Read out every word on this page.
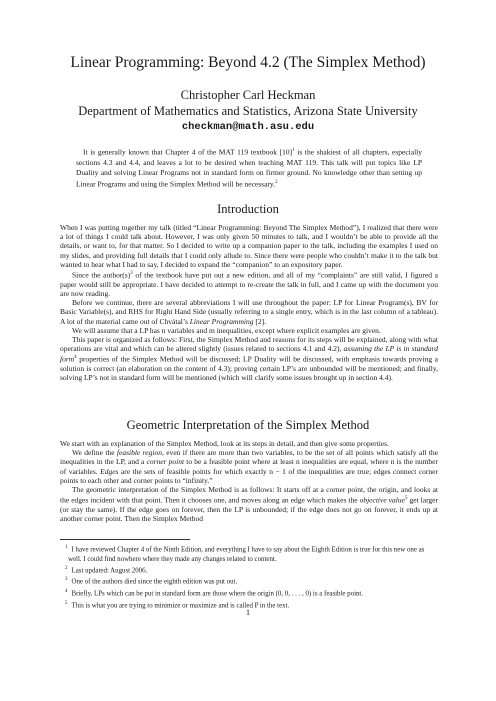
Linear Programming: Beyond 4.2 (The Simplex Method)
Christopher Carl Heckman
Department of Mathematics and Statistics, Arizona State University
checkman@math.asu.edu

It is generally known that Chapter 4 of the MAT 119 textbook $[10]^1$ is the shakiest of all chapters, especially sections 4.3 and 4.4, and leaves a lot to be desired when teaching MAT 119. This talk will put topics like LP Duality and solving Linear Programs not in standard form on firmer ground. No knowledge other than setting up Linear Programs and using the Simplex Method will be necessary.$^2$

Introduction

When I was putting together my talk (titled “Linear Programming: Beyond The Simplex Method”), I realized that there were a lot of things I could talk about. However, I was only given 50 minutes to talk, and I wouldn’t be able to provide all the details, or want to, for that matter. So I decided to write up a companion paper to the talk, including the examples I used on my slides, and providing full details that I could only allude to. Since there were people who couldn’t make it to the talk but wanted to hear what I had to say, I decided to expand the “companion” to an expository paper.

Since the $author(s)^3$ of the textbook have put out a new edition, and all of my “complaints” are still valid, I figured a paper would still be appropriate. I have decided to attempt to re-create the talk in full, and I came up with the document you are now reading.

Before we continue, there are several abbreviations I will use throughout the paper: LP for Linear Program(s), BV for Basic Variable(s), and RHS for Right Hand Side (usually referring to a single entry, which is in the last column of a tableau). A lot of the material came out of Chvátal’s Linear Programming [2].

We will assume that a LP has n variables and m inequalities, except where explicit examples are given.

This paper is organized as follows: First, the Simplex Method and reasons for its steps will be explained, along with what operations are vital and which can be altered slightly (issues related to sections 4.1 and 4.2), assuming the LP is in standard form$^4$ properties of the Simplex Method will be discussed; LP Duality will be discussed, with emphasis towards proving a solution is correct (an elaboration on the content of 4.3); proving certain LP’s are unbounded will be mentioned; and finally, solving LP’s not in standard form will be mentioned (which will clarify some issues brought up in section 4.4).

Geometric Interpretation of the Simplex Method

We start with an explanation of the Simplex Method, look at its steps in detail, and then give some properties.

We define the feasible region, even if there are more than two variables, to be the set of all points which satisfy all the inequalities in the LP, and a corner point to be a feasible point where at least n inequalities are equal, where n is the number of variables. Edges are the sets of feasible points for which exactly n − 1 of the inequalities are true; edges connect corner points to each other and corner points to “infinity.”

The geometric interpretation of the Simplex Method is as follows: It starts off at a corner point, the origin, and looks at the edges incident with that point. Then it chooses one, and moves along an edge which makes the objective value$^5$ get larger (or stay the same). If the edge goes on forever, then the LP is unbounded; if the edge does not go on forever, it ends up at another corner point. Then the Simplex Method

$^1$ I have reviewed Chapter 4 of the Ninth Edition, and everything I have to say about the Eighth Edition is true for this new one as well. I could find nowhere where they made any changes related to content.

$^2$ Last updated: August 2006.

$^3$ One of the authors died since the eighth edition was put out.

$^4$ Briefly, LPs which can be put in standard form are those where the origin (0, 0, . . . , 0) is a feasible point.

$^5$ This is what you are trying to minimize or maximize and is called P in the text.

1
